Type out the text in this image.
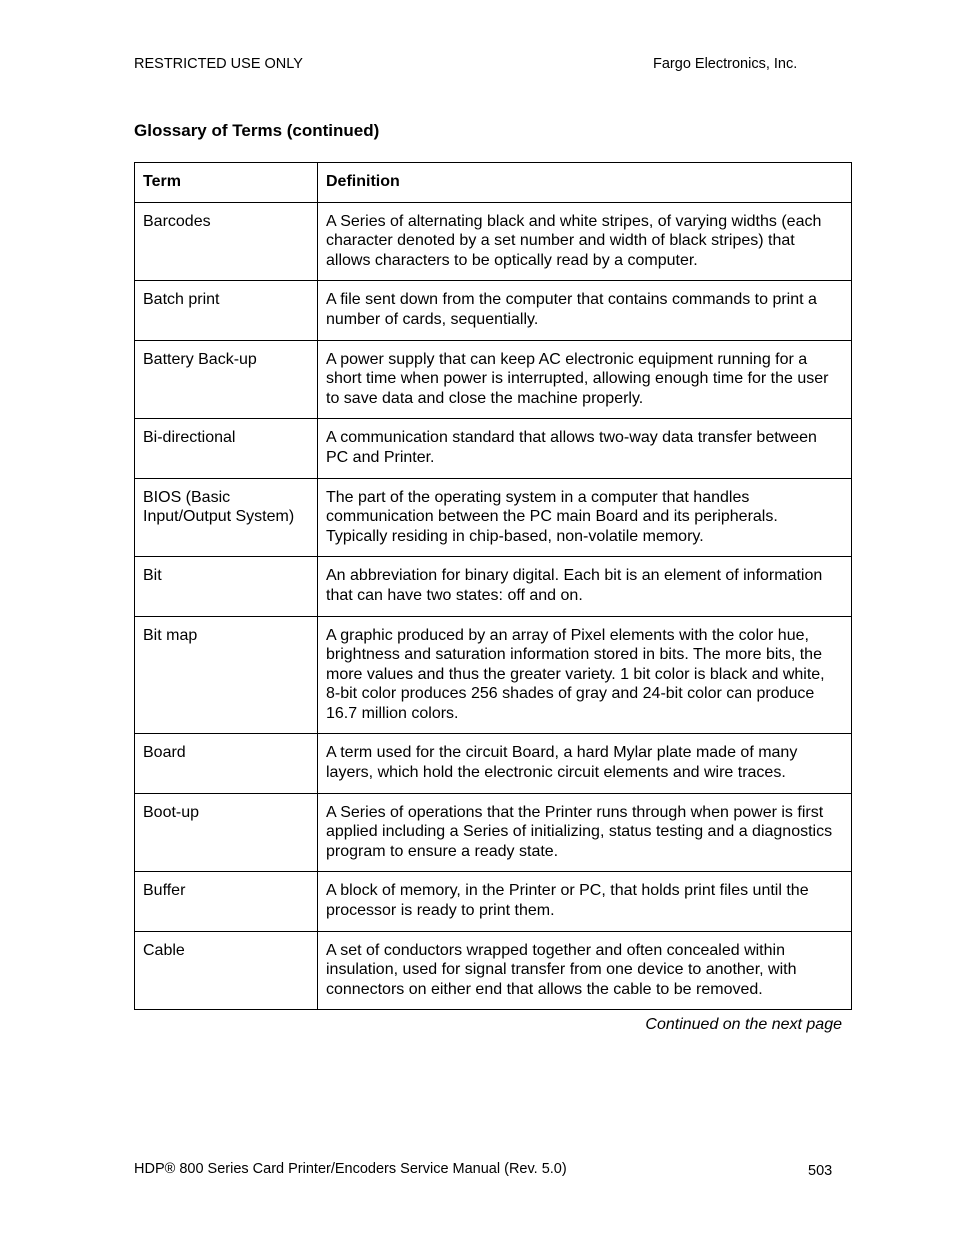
RESTRICTED USE ONLY	Fargo Electronics, Inc.
Glossary of Terms (continued)
Term	Definition
Barcodes	A Series of alternating black and white stripes, of varying widths (each character denoted by a set number and width of black stripes) that allows characters to be optically read by a computer.
Batch print	A file sent down from the computer that contains commands to print a number of cards, sequentially.
Battery Back-up	A power supply that can keep AC electronic equipment running for a short time when power is interrupted, allowing enough time for the user to save data and close the machine properly.
Bi-directional	A communication standard that allows two-way data transfer between PC and Printer.
BIOS (Basic Input/Output System)	The part of the operating system in a computer that handles communication between the PC main Board and its peripherals. Typically residing in chip-based, non-volatile memory.
Bit	An abbreviation for binary digital. Each bit is an element of information that can have two states: off and on.
Bit map	A graphic produced by an array of Pixel elements with the color hue, brightness and saturation information stored in bits. The more bits, the more values and thus the greater variety. 1 bit color is black and white, 8-bit color produces 256 shades of gray and 24-bit color can produce 16.7 million colors.
Board	A term used for the circuit Board, a hard Mylar plate made of many layers, which hold the electronic circuit elements and wire traces.
Boot-up	A Series of operations that the Printer runs through when power is first applied including a Series of initializing, status testing and a diagnostics program to ensure a ready state.
Buffer	A block of memory, in the Printer or PC, that holds print files until the processor is ready to print them.
Cable	A set of conductors wrapped together and often concealed within insulation, used for signal transfer from one device to another, with connectors on either end that allows the cable to be removed.
Continued on the next page
HDP® 800 Series Card Printer/Encoders Service Manual (Rev. 5.0)	503
